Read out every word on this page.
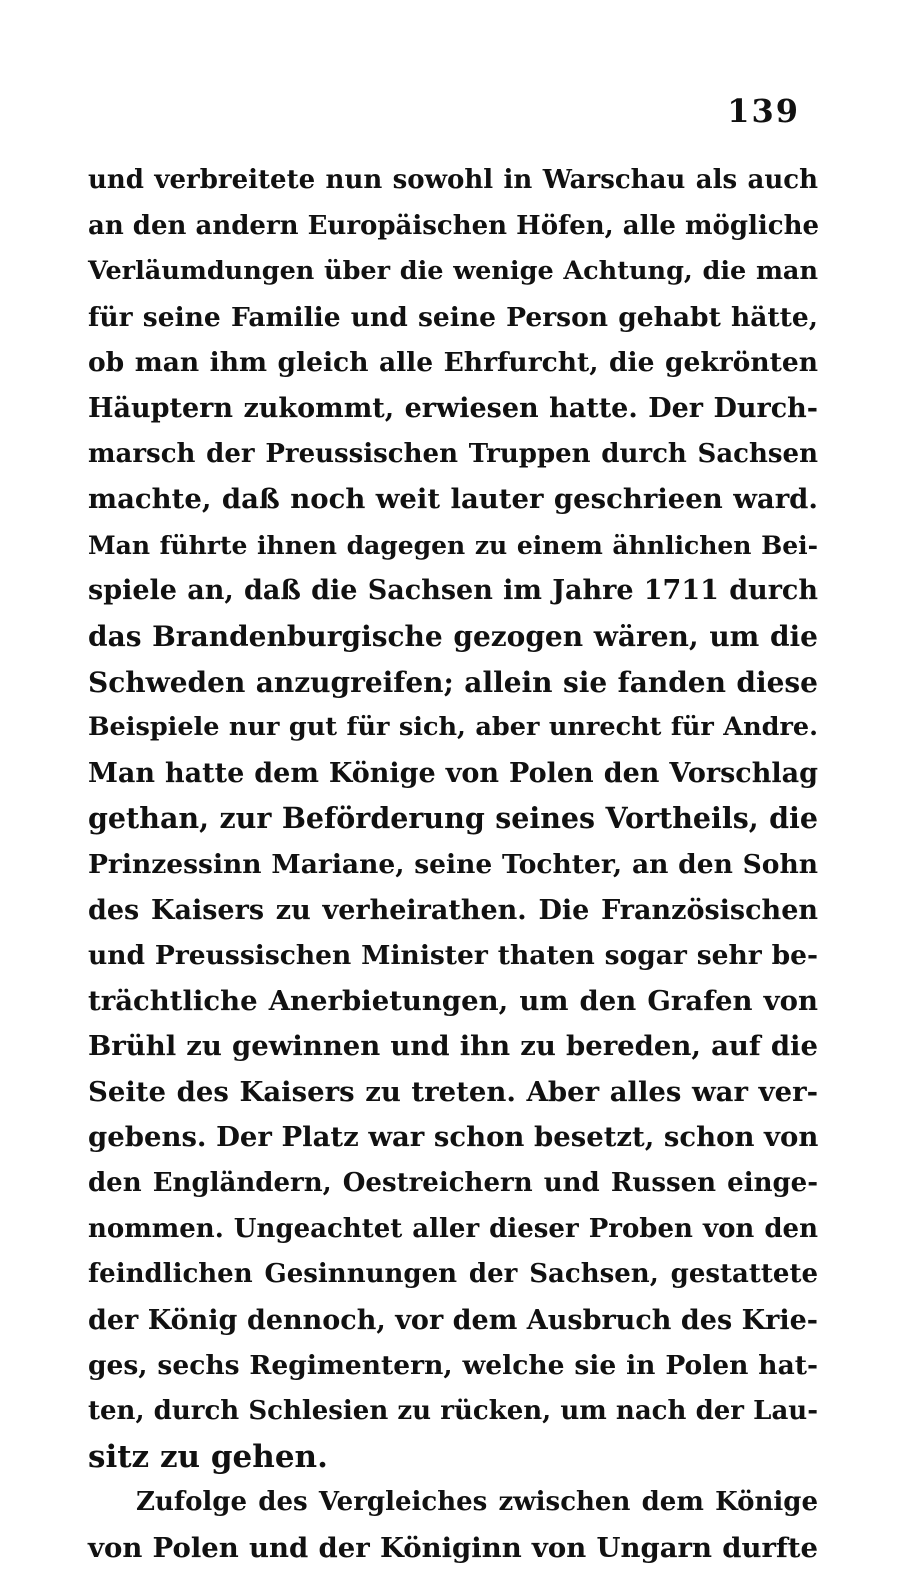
139
und verbreitete nun sowohl in Warschau als auch
an den andern Europäischen Höfen, alle mögliche
Verläumdungen über die wenige Achtung, die man
für seine Familie und seine Person gehabt hätte,
ob man ihm gleich alle Ehrfurcht, die gekrönten
Häuptern zukommt, erwiesen hatte. Der Durch-
marsch der Preussischen Truppen durch Sachsen
machte, daß noch weit lauter geschrieen ward.
Man führte ihnen dagegen zu einem ähnlichen Bei-
spiele an, daß die Sachsen im Jahre 1711 durch
das Brandenburgische gezogen wären, um die
Schweden anzugreifen; allein sie fanden diese
Beispiele nur gut für sich, aber unrecht für Andre.
Man hatte dem Könige von Polen den Vorschlag
gethan, zur Beförderung seines Vortheils, die
Prinzessinn Mariane, seine Tochter, an den Sohn
des Kaisers zu verheirathen. Die Französischen
und Preussischen Minister thaten sogar sehr be-
trächtliche Anerbietungen, um den Grafen von
Brühl zu gewinnen und ihn zu bereden, auf die
Seite des Kaisers zu treten. Aber alles war ver-
gebens. Der Platz war schon besetzt, schon von
den Engländern, Oestreichern und Russen einge-
nommen. Ungeachtet aller dieser Proben von den
feindlichen Gesinnungen der Sachsen, gestattete
der König dennoch, vor dem Ausbruch des Krie-
ges, sechs Regimentern, welche sie in Polen hat-
ten, durch Schlesien zu rücken, um nach der Lau-
sitz zu gehen.
Zufolge des Vergleiches zwischen dem Könige
von Polen und der Königinn von Ungarn durfte
